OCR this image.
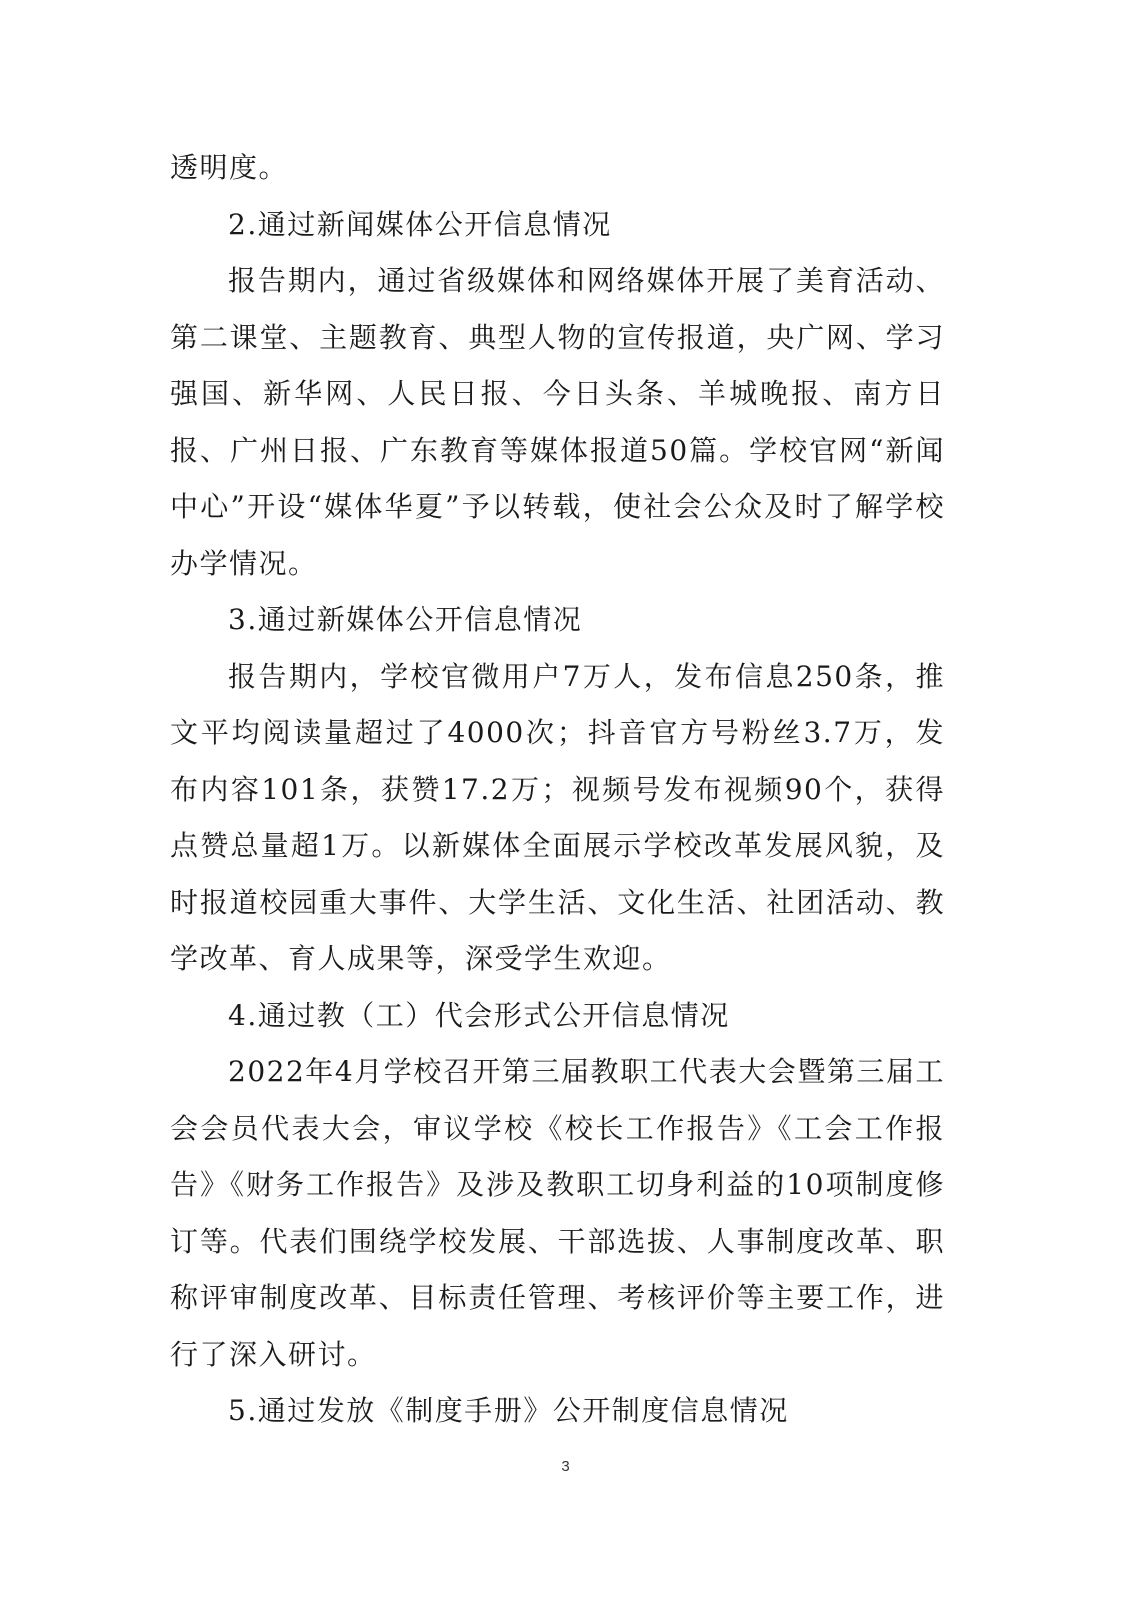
透明度。

2.通过新闻媒体公开信息情况

报告期内，通过省级媒体和网络媒体开展了美育活动、第二课堂、主题教育、典型人物的宣传报道，央广网、学习强国、新华网、人民日报、今日头条、羊城晚报、南方日报、广州日报、广东教育等媒体报道50篇。学校官网“新闻中心”开设“媒体华夏”予以转载，使社会公众及时了解学校办学情况。

3.通过新媒体公开信息情况

报告期内，学校官微用户7万人，发布信息250条，推文平均阅读量超过了4000次；抖音官方号粉丝3.7万，发布内容101条，获赞17.2万；视频号发布视频90个，获得点赞总量超1万。以新媒体全面展示学校改革发展风貌，及时报道校园重大事件、大学生活、文化生活、社团活动、教学改革、育人成果等，深受学生欢迎。

4.通过教（工）代会形式公开信息情况

2022年4月学校召开第三届教职工代表大会暨第三届工会会员代表大会，审议学校《校长工作报告》《工会工作报告》《财务工作报告》及涉及教职工切身利益的10项制度修订等。代表们围绕学校发展、干部选拔、人事制度改革、职称评审制度改革、目标责任管理、考核评价等主要工作，进行了深入研讨。

5.通过发放《制度手册》公开制度信息情况

3
